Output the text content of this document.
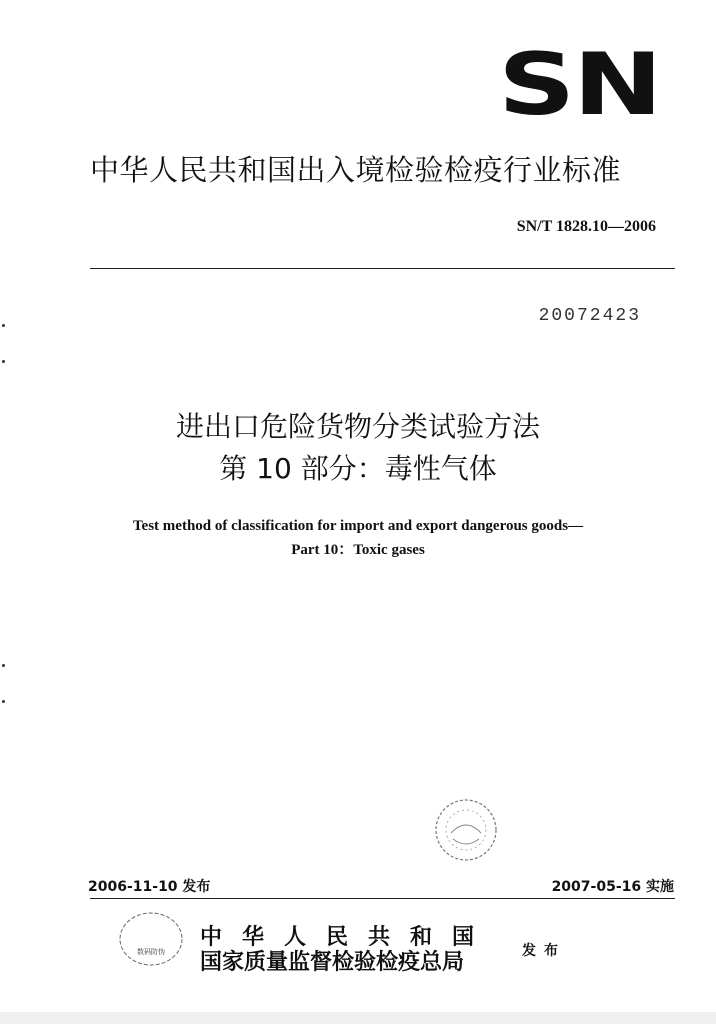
SN
中华人民共和国出入境检验检疫行业标准
SN/T 1828.10—2006
20072423
进出口危险货物分类试验方法
第 10 部分：毒性气体
Test method of classification for import and export dangerous goods—
Part 10：Toxic gases
2006-11-10 发布	2007-05-16 实施
数码防伪
中华人民共和国
国家质量监督检验检疫总局	发布
